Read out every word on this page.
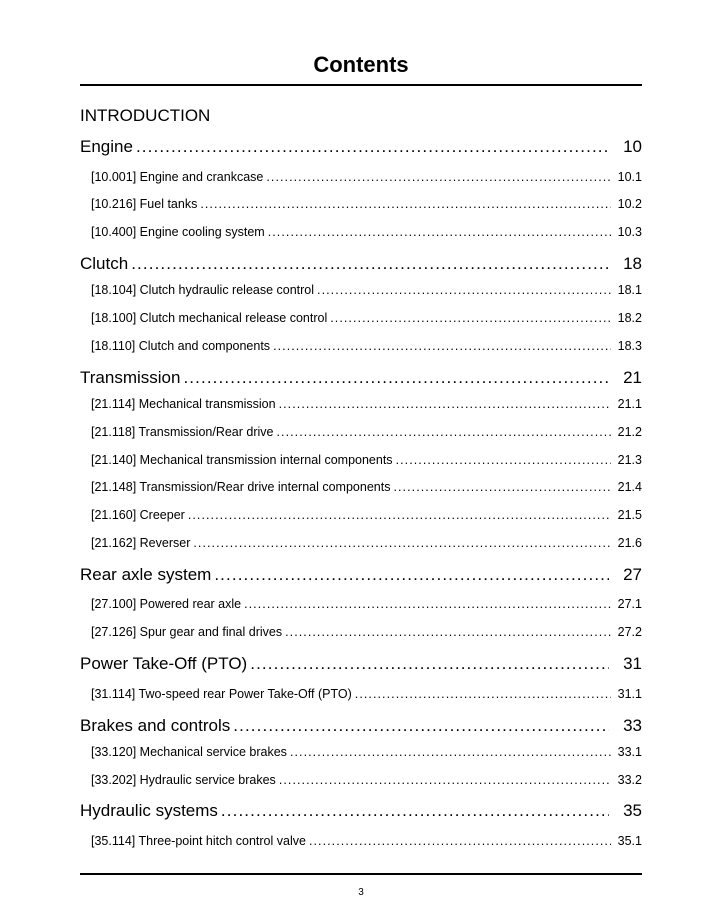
Contents
INTRODUCTION
Engine . . .	10
[10.001] Engine and crankcase . . .	10.1
[10.216] Fuel tanks . . .	10.2
[10.400] Engine cooling system . . .	10.3
Clutch . . .	18
[18.104] Clutch hydraulic release control . . .	18.1
[18.100] Clutch mechanical release control . . .	18.2
[18.110] Clutch and components . . .	18.3
Transmission . . .	21
[21.114] Mechanical transmission . . .	21.1
[21.118] Transmission/Rear drive . . .	21.2
[21.140] Mechanical transmission internal components . . .	21.3
[21.148] Transmission/Rear drive internal components . . .	21.4
[21.160] Creeper . . .	21.5
[21.162] Reverser . . .	21.6
Rear axle system . . .	27
[27.100] Powered rear axle . . .	27.1
[27.126] Spur gear and final drives . . .	27.2
Power Take-Off (PTO) . . .	31
[31.114] Two-speed rear Power Take-Off (PTO) . . .	31.1
Brakes and controls . . .	33
[33.120] Mechanical service brakes . . .	33.1
[33.202] Hydraulic service brakes . . .	33.2
Hydraulic systems . . .	35
[35.114] Three-point hitch control valve . . .	35.1
3
